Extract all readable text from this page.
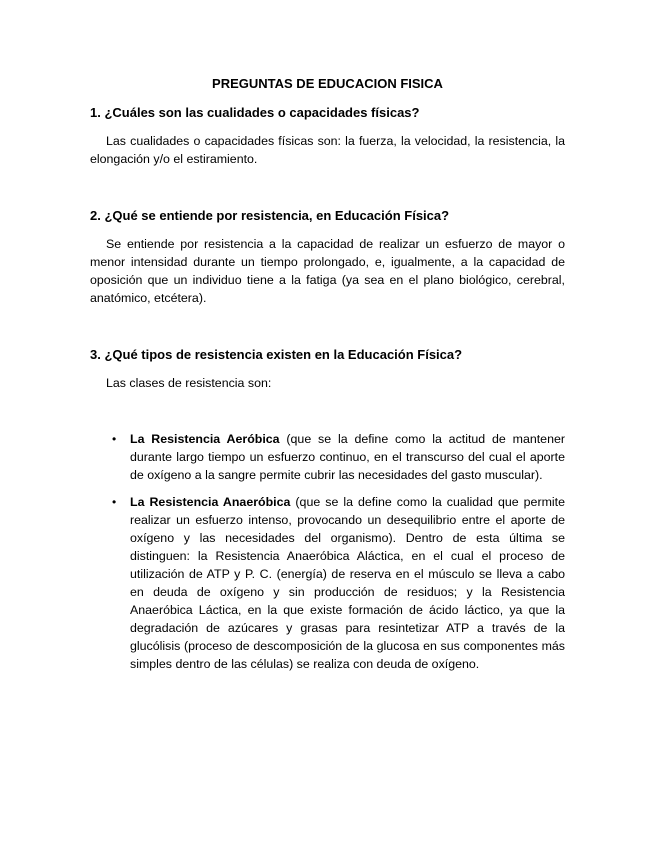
PREGUNTAS DE EDUCACION FISICA
1. ¿Cuáles son las cualidades o capacidades físicas?
Las cualidades o capacidades físicas son: la fuerza, la velocidad, la resistencia, la elongación y/o el estiramiento.
2. ¿Qué se entiende por resistencia, en Educación Física?
Se entiende por resistencia a la capacidad de realizar un esfuerzo de mayor o menor intensidad durante un tiempo prolongado, e, igualmente, a la capacidad de oposición que un individuo tiene a la fatiga (ya sea en el plano biológico, cerebral, anatómico, etcétera).
3. ¿Qué tipos de resistencia existen en la Educación Física?
Las clases de resistencia son:
• La Resistencia Aeróbica (que se la define como la actitud de mantener durante largo tiempo un esfuerzo continuo, en el transcurso del cual el aporte de oxígeno a la sangre permite cubrir las necesidades del gasto muscular).
• La Resistencia Anaeróbica (que se la define como la cualidad que permite realizar un esfuerzo intenso, provocando un desequilibrio entre el aporte de oxígeno y las necesidades del organismo). Dentro de esta última se distinguen: la Resistencia Anaeróbica Aláctica, en el cual el proceso de utilización de ATP y P. C. (energía) de reserva en el músculo se lleva a cabo en deuda de oxígeno y sin producción de residuos; y la Resistencia Anaeróbica Láctica, en la que existe formación de ácido láctico, ya que la degradación de azúcares y grasas para resintetizar ATP a través de la glucólisis (proceso de descomposición de la glucosa en sus componentes más simples dentro de las células) se realiza con deuda de oxígeno.
